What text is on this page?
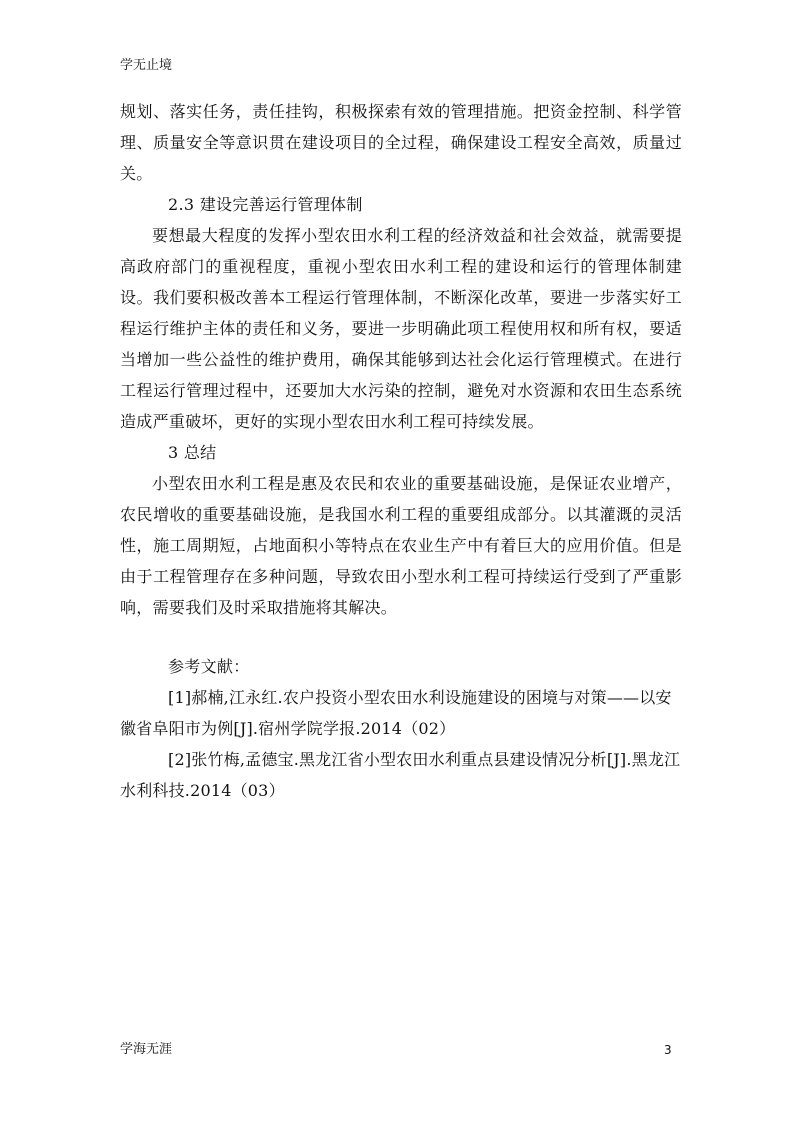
学无止境

规划、落实任务，责任挂钩，积极探索有效的管理措施。把资金控制、科学管理、质量安全等意识贯在建设项目的全过程，确保建设工程安全高效，质量过关。

2.3 建设完善运行管理体制

要想最大程度的发挥小型农田水利工程的经济效益和社会效益，就需要提高政府部门的重视程度，重视小型农田水利工程的建设和运行的管理体制建设。我们要积极改善本工程运行管理体制，不断深化改革，要进一步落实好工程运行维护主体的责任和义务，要进一步明确此项工程使用权和所有权，要适当增加一些公益性的维护费用，确保其能够到达社会化运行管理模式。在进行工程运行管理过程中，还要加大水污染的控制，避免对水资源和农田生态系统造成严重破坏，更好的实现小型农田水利工程可持续发展。

3 总结

小型农田水利工程是惠及农民和农业的重要基础设施，是保证农业增产，农民增收的重要基础设施，是我国水利工程的重要组成部分。以其灌溉的灵活性，施工周期短，占地面积小等特点在农业生产中有着巨大的应用价值。但是由于工程管理存在多种问题，导致农田小型水利工程可持续运行受到了严重影响，需要我们及时采取措施将其解决。

参考文献：

[1]郝楠,江永红.农户投资小型农田水利设施建设的困境与对策——以安徽省阜阳市为例[J].宿州学院学报.2014（02）

[2]张竹梅,孟德宝.黑龙江省小型农田水利重点县建设情况分析[J].黑龙江水利科技.2014（03）

学海无涯	3
